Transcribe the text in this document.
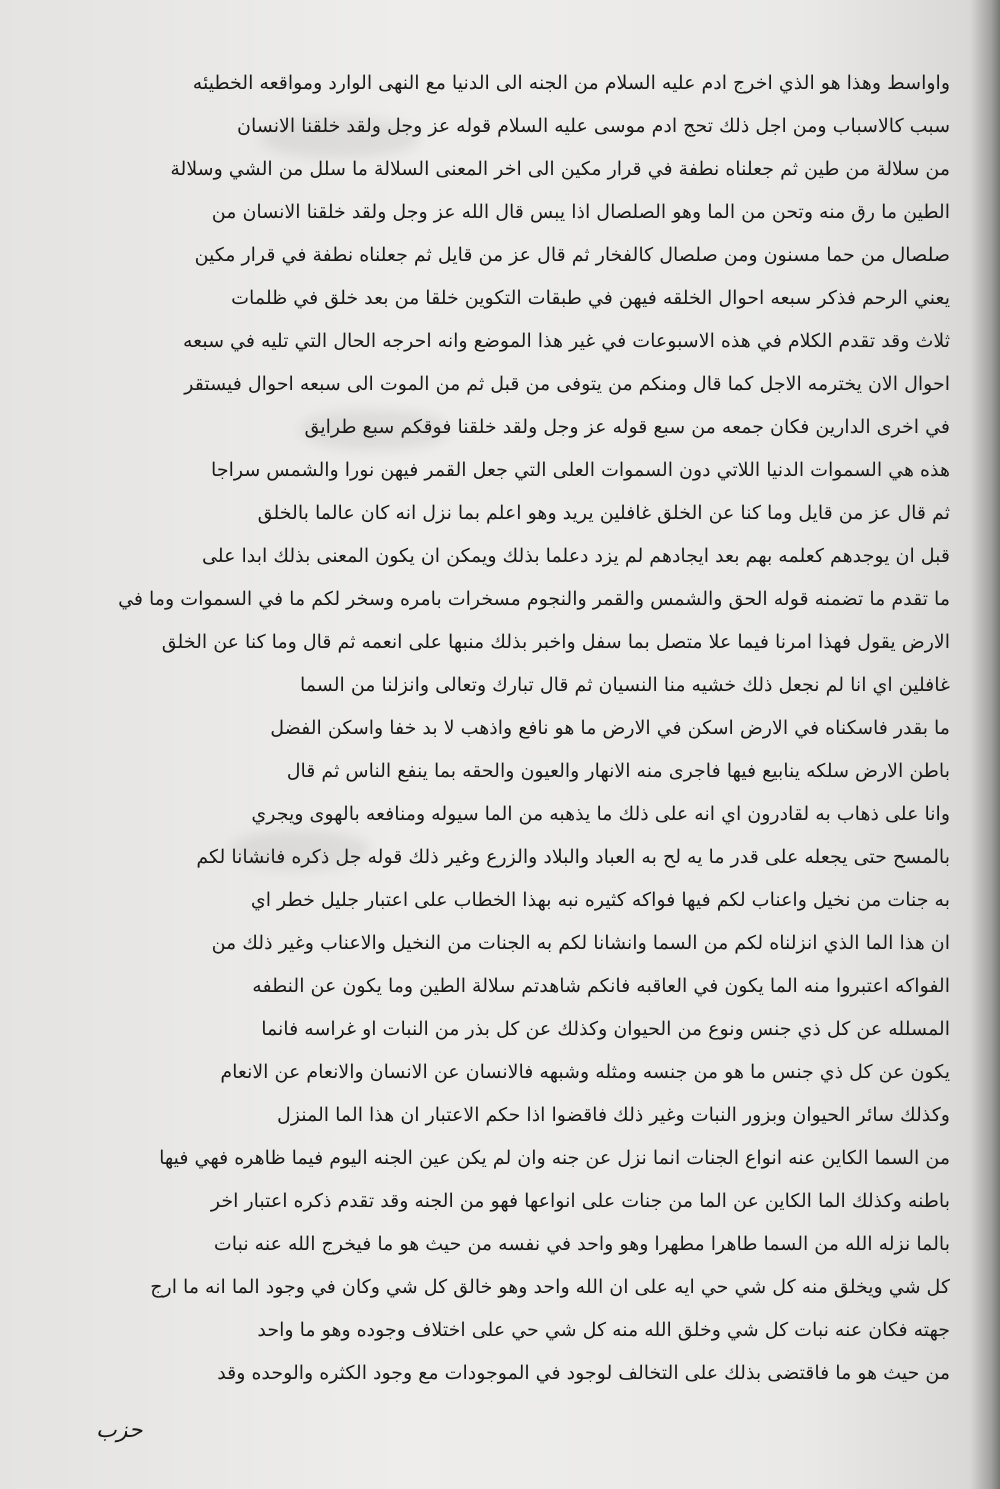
واواسط وهذا هو الذي اخرج ادم عليه السلام من الجنه الى الدنيا مع النهى الوارد ومواقعه الخطيئه
سبب كالاسباب ومن اجل ذلك تحج ادم موسى عليه السلام قوله عز وجل ولقد خلقنا الانسان
من سلالة من طين ثم جعلناه نطفة في قرار مكين الى اخر المعنى السلالة ما سلل من الشي وسلالة
الطين ما رق منه وتحن من الما وهو الصلصال اذا يبس قال الله عز وجل ولقد خلقنا الانسان من
صلصال من حما مسنون ومن صلصال كالفخار ثم قال عز من قايل ثم جعلناه نطفة في قرار مكين
يعني الرحم فذكر سبعه احوال الخلقه فيهن في طبقات التكوين خلقا من بعد خلق في ظلمات
ثلاث وقد تقدم الكلام في هذه الاسبوعات في غير هذا الموضع وانه احرجه الحال التي تليه في سبعه
احوال الان يخترمه الاجل كما قال ومنكم من يتوفى من قبل ثم من الموت الى سبعه احوال فيستقر
في اخرى الدارين فكان جمعه من سبع قوله عز وجل ولقد خلقنا فوقكم سبع طرايق
هذه هي السموات الدنيا اللاتي دون السموات العلى التي جعل القمر فيهن نورا والشمس سراجا
ثم قال عز من قايل وما كنا عن الخلق غافلين يريد وهو اعلم بما نزل انه كان عالما بالخلق
قبل ان يوجدهم كعلمه بهم بعد ايجادهم لم يزد دعلما بذلك ويمكن ان يكون المعنى بذلك ابدا على
ما تقدم ما تضمنه قوله الحق والشمس والقمر والنجوم مسخرات بامره وسخر لكم ما في السموات وما في
الارض يقول فهذا امرنا فيما علا متصل بما سفل واخبر بذلك منبها على انعمه ثم قال وما كنا عن الخلق
غافلين اي انا لم نجعل ذلك خشيه منا النسيان ثم قال تبارك وتعالى وانزلنا من السما
ما بقدر فاسكناه في الارض اسكن في الارض ما هو نافع واذهب لا بد خفا واسكن الفضل
باطن الارض سلكه ينابيع فيها فاجرى منه الانهار والعيون والحقه بما ينفع الناس ثم قال
وانا على ذهاب به لقادرون اي انه على ذلك ما يذهبه من الما سيوله ومنافعه بالهوى ويجري
بالمسح حتى يجعله على قدر ما يه لح به العباد والبلاد والزرع وغير ذلك قوله جل ذكره فانشانا لكم
به جنات من نخيل واعناب لكم فيها فواكه كثيره نبه بهذا الخطاب على اعتبار جليل خطر اي
ان هذا الما الذي انزلناه لكم من السما وانشانا لكم به الجنات من النخيل والاعناب وغير ذلك من
الفواكه اعتبروا منه الما يكون في العاقبه فانكم شاهدتم سلالة الطين وما يكون عن النطفه
المسلله عن كل ذي جنس ونوع من الحيوان وكذلك عن كل بذر من النبات او غراسه فانما
يكون عن كل ذي جنس ما هو من جنسه ومثله وشبهه فالانسان عن الانسان والانعام عن الانعام
وكذلك سائر الحيوان وبزور النبات وغير ذلك فاقضوا اذا حكم الاعتبار ان هذا الما المنزل
من السما الكاين عنه انواع الجنات انما نزل عن جنه وان لم يكن عين الجنه اليوم فيما ظاهره فهي فيها
باطنه وكذلك الما الكاين عن الما من جنات على انواعها فهو من الجنه وقد تقدم ذكره اعتبار اخر
بالما نزله الله من السما طاهرا مطهرا وهو واحد في نفسه من حيث هو ما فيخرج الله عنه نبات
كل شي ويخلق منه كل شي حي ايه على ان الله واحد وهو خالق كل شي وكان في وجود الما انه ما ارج
جهته فكان عنه نبات كل شي وخلق الله منه كل شي حي على اختلاف وجوده وهو ما واحد
من حيث هو ما فاقتضى بذلك على التخالف لوجود في الموجودات مع وجود الكثره والوحده وقد
حزب
